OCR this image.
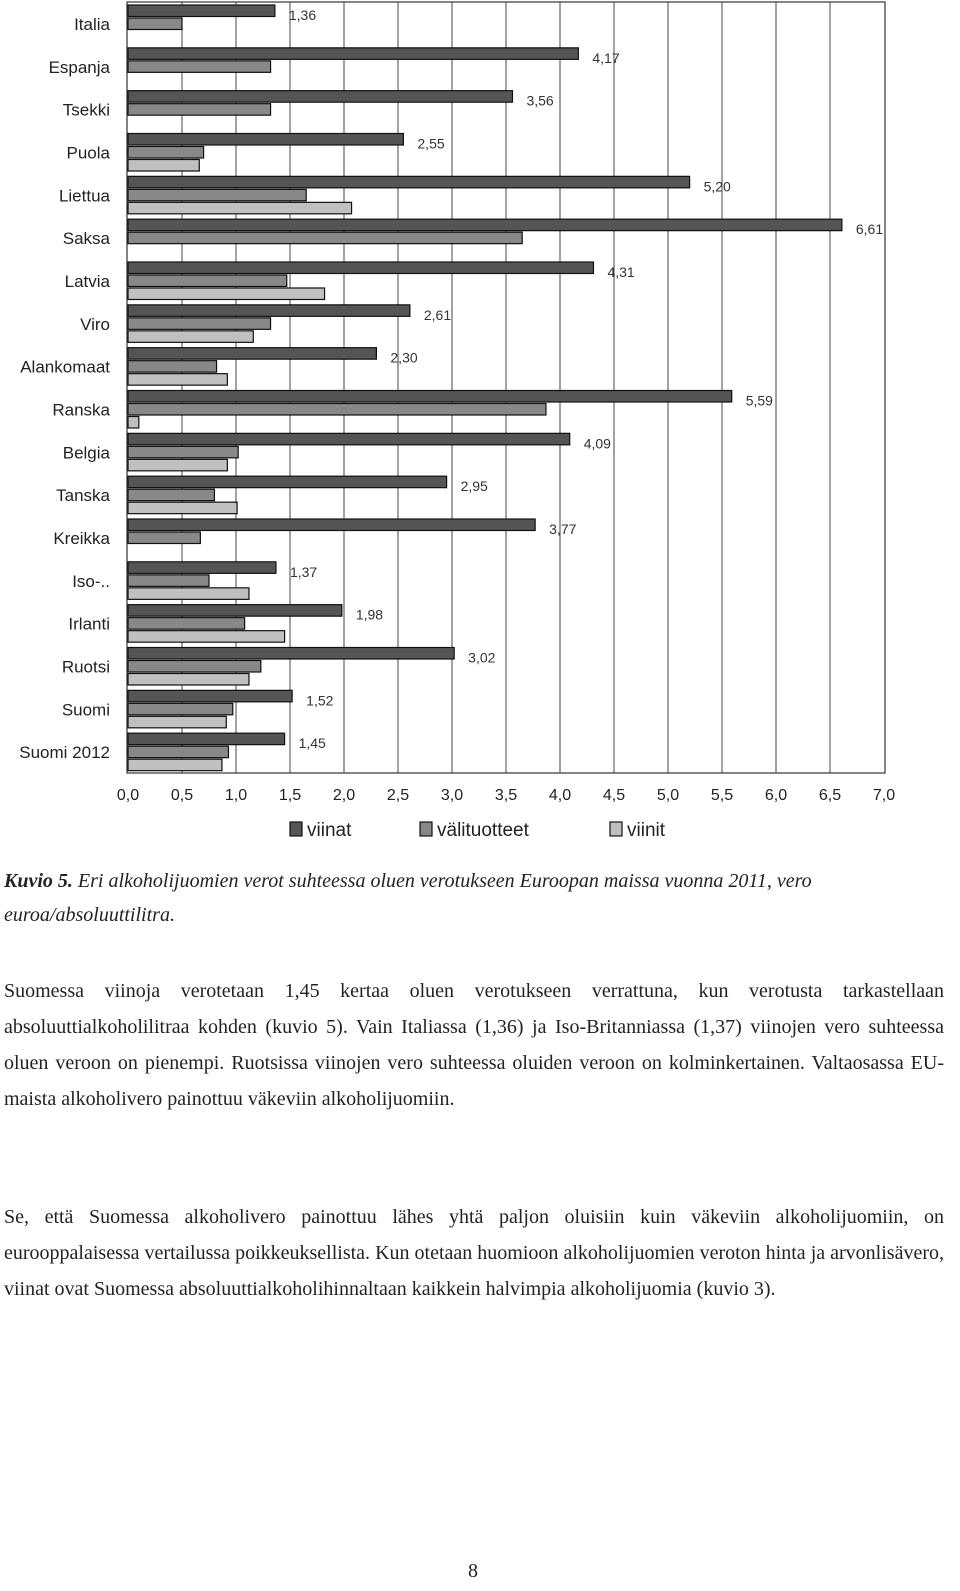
Italia
Espanja
Tsekki
Puola
Liettua
Saksa
Latvia
Viro
Alankomaat
Ranska
Belgia
Tanska
Kreikka
Iso-..
Irlanti
Ruotsi
Suomi
Suomi 2012
1,36
4,17
3,56
2,55
5,20
6,61
4,31
2,61
2,30
5,59
4,09
2,95
3,77
1,37
1,98
3,02
1,52
1,45
0,0 0,5 1,0 1,5 2,0 2,5 3,0 3,5 4,0 4,5 5,0 5,5 6,0 6,5 7,0
viinat	välituotteet	viinit

Kuvio 5. Eri alkoholijuomien verot suhteessa oluen verotukseen Euroopan maissa vuonna 2011, vero euroa/absoluuttilitra.

Suomessa viinoja verotetaan 1,45 kertaa oluen verotukseen verrattuna, kun verotusta tarkastellaan absoluuttialkoholilitraa kohden (kuvio 5). Vain Italiassa (1,36) ja Iso-Britanniassa (1,37) viinojen vero suhteessa oluen veroon on pienempi. Ruotsissa viinojen vero suhteessa oluiden veroon on kolminkertainen. Valtaosassa EU-maista alkoholivero painottuu väkeviin alkoholijuomiin.

Se, että Suomessa alkoholivero painottuu lähes yhtä paljon oluisiin kuin väkeviin alkoholijuomiin, on eurooppalaisessa vertailussa poikkeuksellista. Kun otetaan huomioon alkoholijuomien veroton hinta ja arvonlisävero, viinat ovat Suomessa absoluuttialkoholihinnaltaan kaikkein halvimpia alkoholijuomia (kuvio 3).

8
